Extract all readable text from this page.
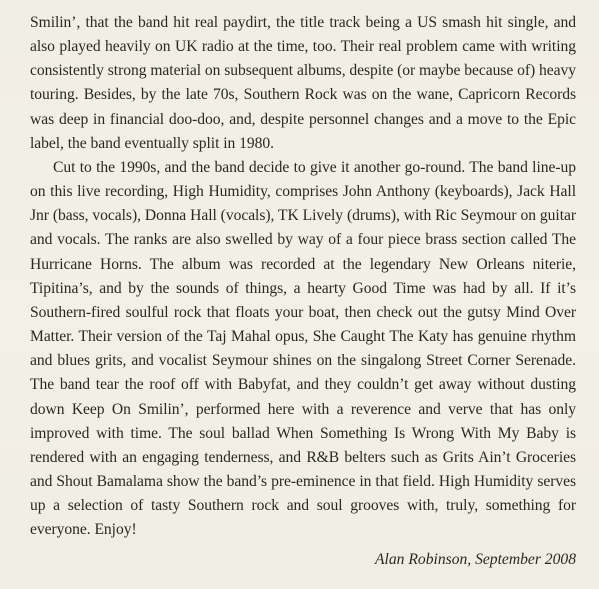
Smilin’, that the band hit real paydirt, the title track being a US smash hit single, and also played heavily on UK radio at the time, too. Their real problem came with writing consistently strong material on subsequent albums, despite (or maybe because of) heavy touring. Besides, by the late 70s, Southern Rock was on the wane, Capricorn Records was deep in financial doo-doo, and, despite personnel changes and a move to the Epic label, the band eventually split in 1980.

Cut to the 1990s, and the band decide to give it another go-round. The band line-up on this live recording, High Humidity, comprises John Anthony (keyboards), Jack Hall Jnr (bass, vocals), Donna Hall (vocals), TK Lively (drums), with Ric Seymour on guitar and vocals. The ranks are also swelled by way of a four piece brass section called The Hurricane Horns. The album was recorded at the legendary New Orleans niterie, Tipitina’s, and by the sounds of things, a hearty Good Time was had by all. If it’s Southern-fired soulful rock that floats your boat, then check out the gutsy Mind Over Matter. Their version of the Taj Mahal opus, She Caught The Katy has genuine rhythm and blues grits, and vocalist Seymour shines on the singalong Street Corner Serenade. The band tear the roof off with Babyfat, and they couldn’t get away without dusting down Keep On Smilin’, performed here with a reverence and verve that has only improved with time. The soul ballad When Something Is Wrong With My Baby is rendered with an engaging tenderness, and R&B belters such as Grits Ain’t Groceries and Shout Bamalama show the band’s pre-eminence in that field. High Humidity serves up a selection of tasty Southern rock and soul grooves with, truly, something for everyone. Enjoy!

Alan Robinson, September 2008
